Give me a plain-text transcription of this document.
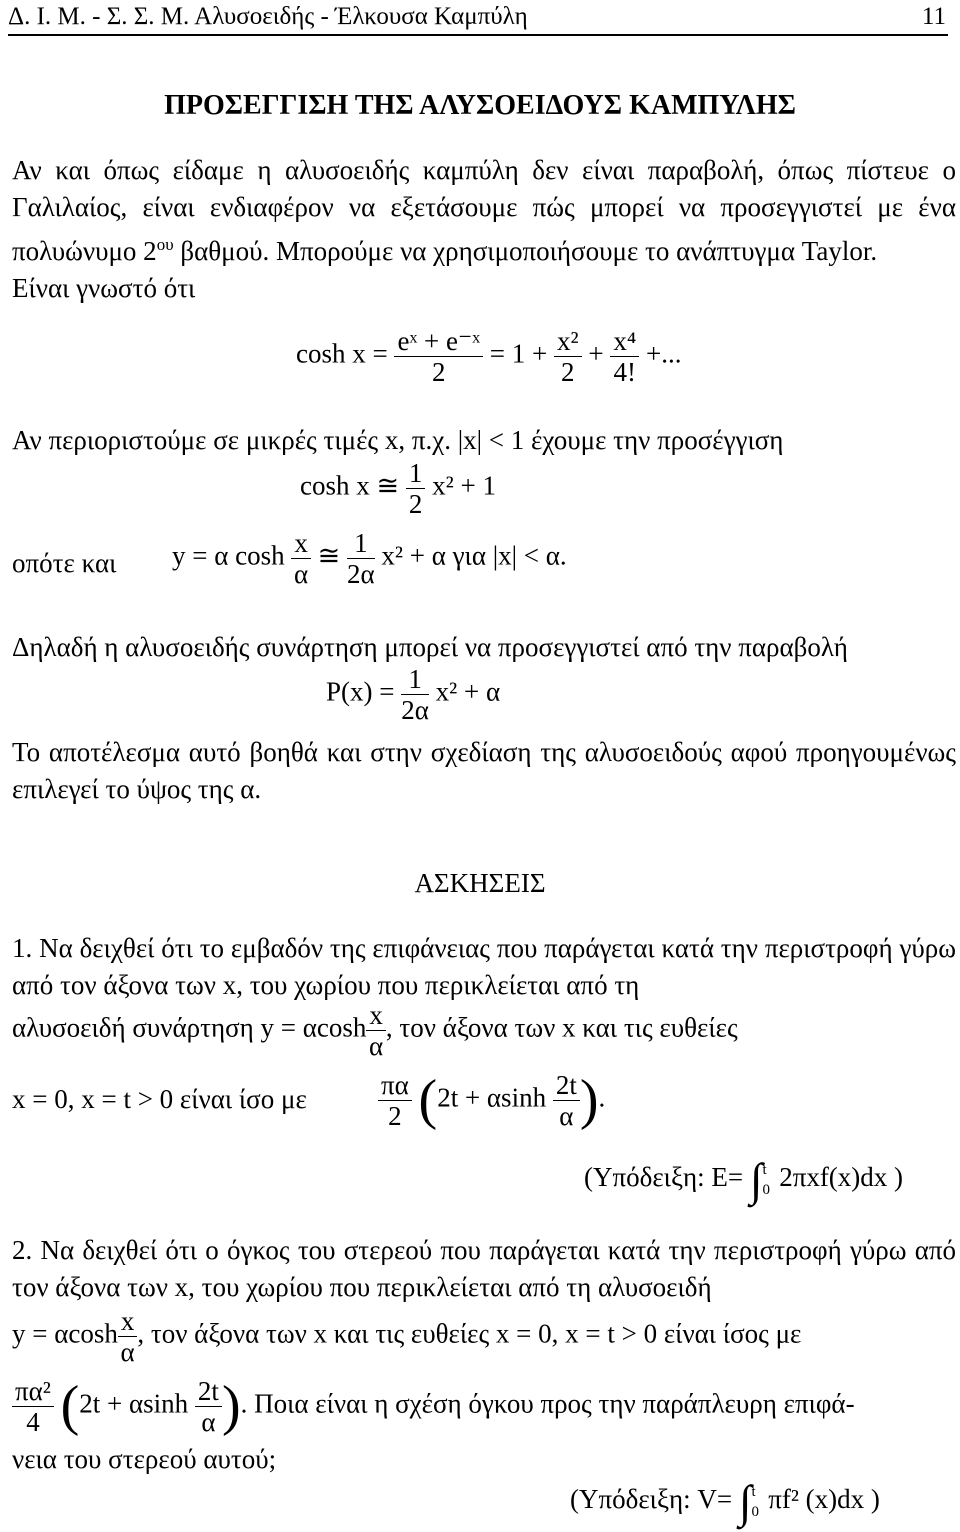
Δ. Ι. Μ. - Σ. Σ. Μ. Αλυσοειδής - Έλκουσα Καμπύλη	11
ΠΡΟΣΕΓΓΙΣΗ ΤΗΣ ΑΛΥΣΟΕΙΔΟΥΣ ΚΑΜΠΥΛΗΣ
Αν και όπως είδαμε η αλυσοειδής καμπύλη δεν είναι παραβολή, όπως πίστευε ο Γαλιλαίος, είναι ενδιαφέρον να εξετάσουμε πώς μπορεί να προσεγγιστεί με ένα πολυώνυμο $2^{o\upsilon}$ βαθμού. Μπορούμε να χρησιμοποιήσουμε το ανάπτυγμα Taylor.
Είναι γνωστό ότι
$\cosh x = \frac{\text{eˣ + e⁻ˣ}}{2} = 1 + \frac{\text{x²}}{2} + \frac{\text{x⁴}}{4!}$ +...
Αν περιοριστούμε σε μικρές τιμές x, π.χ. |x| < 1 έχουμε την προσέγγιση
cosh x ≅ $\frac{1}{2} x^2 + 1$
οπότε και y = α $\cosh \frac{x}{\alpha}$ ≅ $\frac{1}{2\alpha} x^2 + \alpha$ για |x| < α.
Δηλαδή η αλυσοειδής συνάρτηση μπορεί να προσεγγιστεί από την παραβολή
$P(x) = \frac{1}{2\alpha} x^2 + \alpha$
Το αποτέλεσμα αυτό βοηθά και στην σχεδίαση της αλυσοειδούς αφού προηγουμένως επιλεγεί το ύψος της α.
ΑΣΚΗΣΕΙΣ
1. Να δειχθεί ότι το εμβαδόν της επιφάνειας που παράγεται κατά την περιστροφή γύρω από τον άξονα των x, του χωρίου που περικλείεται από τη
αλυσοειδή συνάρτηση y = αcosh $\frac{x}{\alpha}$ , τον άξονα των x και τις ευθείες
x = 0, x = t > 0 είναι ίσο με	$\frac{\pi\alpha}{2} (2t + \alpha\sinh \frac{2t}{\alpha}$ ).
(Υπόδειξη: E= ∫ t
0 2πxf(x)dx )
2. Να δειχθεί ότι ο όγκος του στερεού που παράγεται κατά την περιστροφή γύρω από τον άξονα των x, του χωρίου που περικλείεται από τη αλυσοειδή
y = αcosh $\frac{x}{\alpha}$ , τον άξονα των x και τις ευθείες x = 0, x = t > 0 είναι ίσος με
$\frac{\text{πα²}}{4} (2t + \alpha\sinh \frac{2t}{\alpha}$ ). Ποια είναι η σχέση όγκου προς την παράπλευρη επιφά-
νεια του στερεού αυτού;
(Υπόδειξη: V= ∫ t
0 πf² (x)dx )
